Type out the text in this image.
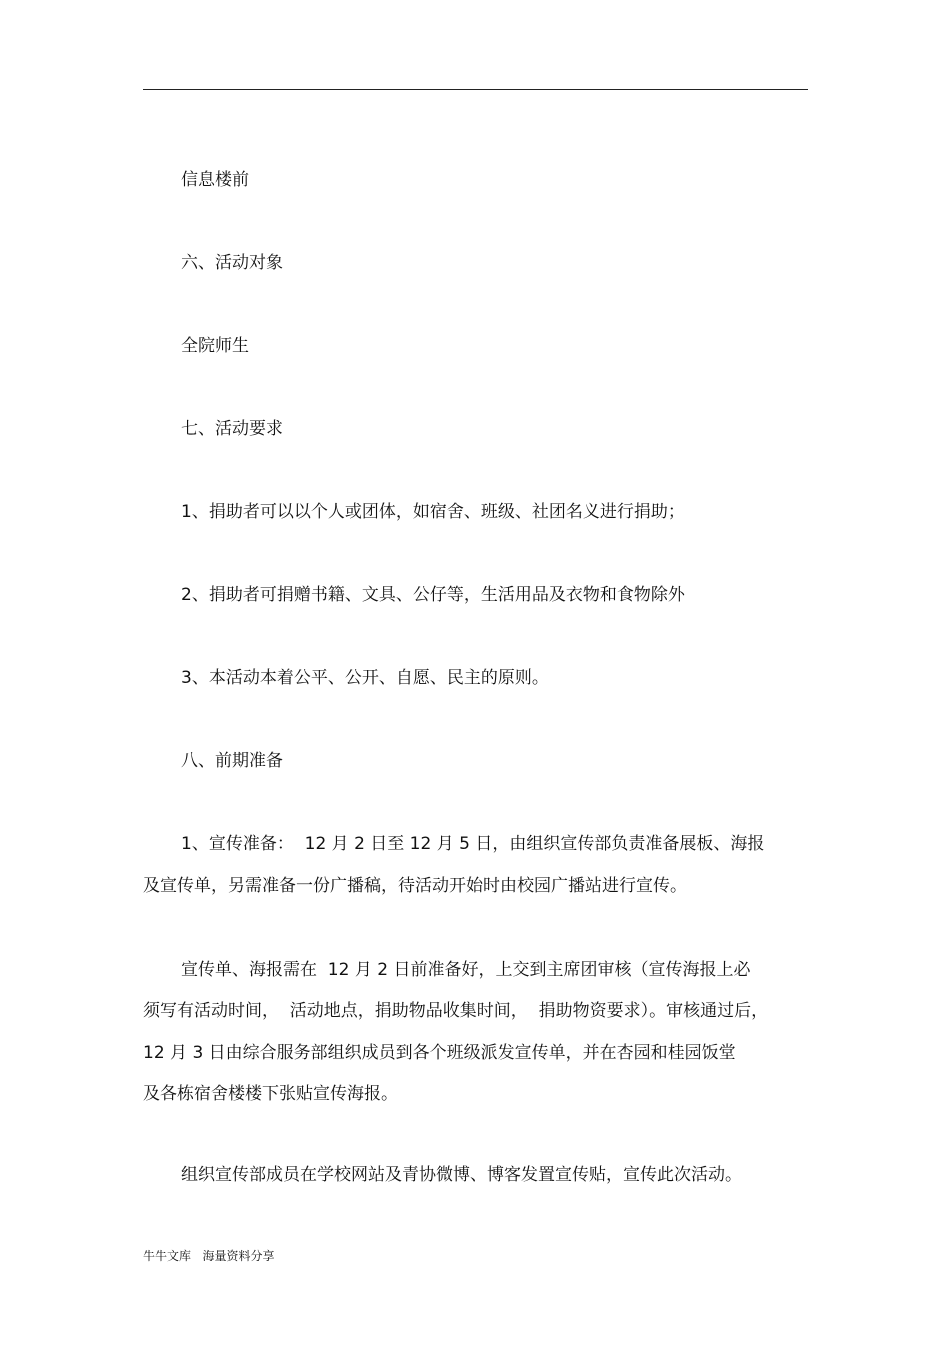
信息楼前
六、活动对象
全院师生
七、活动要求
1、捐助者可以以个人或团体，如宿舍、班级、社团名义进行捐助；
2、捐助者可捐赠书籍、文具、公仔等，生活用品及衣物和食物除外
3、本活动本着公平、公开、自愿、民主的原则。
八、前期准备
1、宣传准备：  12 月 2 日至 12 月 5 日，由组织宣传部负责准备展板、海报
及宣传单，另需准备一份广播稿，待活动开始时由校园广播站进行宣传。
宣传单、海报需在  12 月 2 日前准备好，上交到主席团审核（宣传海报上必
须写有活动时间，  活动地点，捐助物品收集时间，  捐助物资要求）。审核通过后，
12 月 3 日由综合服务部组织成员到各个班级派发宣传单，并在杏园和桂园饭堂
及各栋宿舍楼楼下张贴宣传海报。
组织宣传部成员在学校网站及青协微博、博客发置宣传贴，宣传此次活动。
牛牛文库   海量资料分享
